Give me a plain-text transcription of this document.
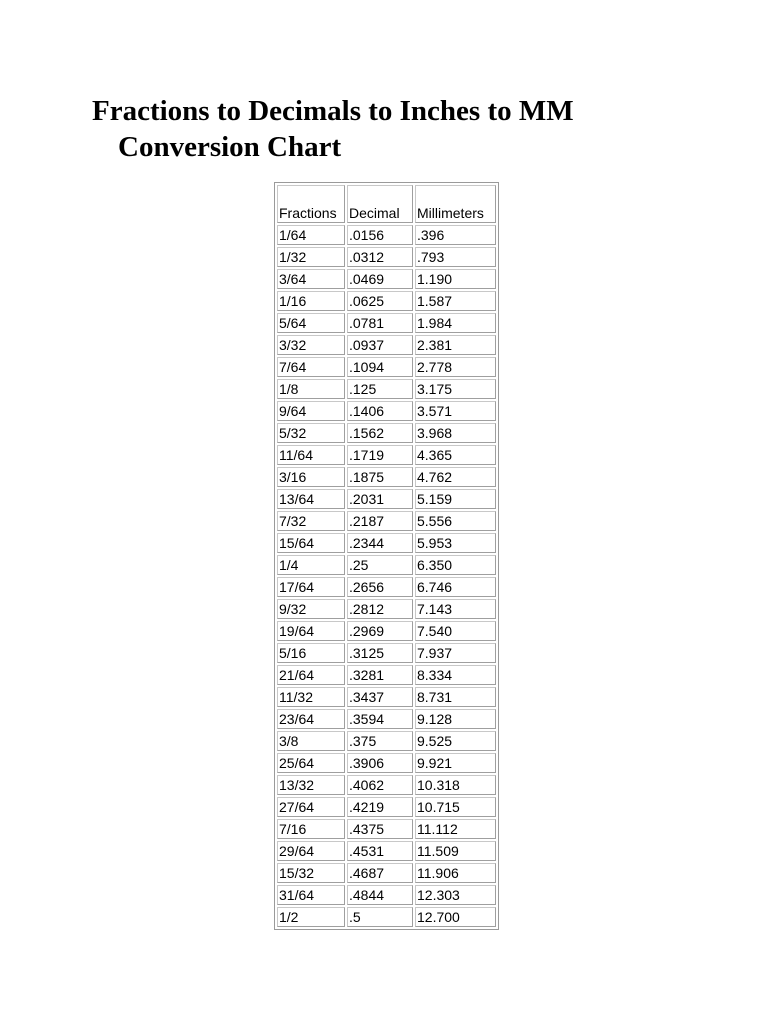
Fractions to Decimals to Inches to MM
Conversion Chart
Fractions	Decimal	Millimeters
1/64	.0156	.396
1/32	.0312	.793
3/64	.0469	1.190
1/16	.0625	1.587
5/64	.0781	1.984
3/32	.0937	2.381
7/64	.1094	2.778
1/8	.125	3.175
9/64	.1406	3.571
5/32	.1562	3.968
11/64	.1719	4.365
3/16	.1875	4.762
13/64	.2031	5.159
7/32	.2187	5.556
15/64	.2344	5.953
1/4	.25	6.350
17/64	.2656	6.746
9/32	.2812	7.143
19/64	.2969	7.540
5/16	.3125	7.937
21/64	.3281	8.334
11/32	.3437	8.731
23/64	.3594	9.128
3/8	.375	9.525
25/64	.3906	9.921
13/32	.4062	10.318
27/64	.4219	10.715
7/16	.4375	11.112
29/64	.4531	11.509
15/32	.4687	11.906
31/64	.4844	12.303
1/2	.5	12.700
